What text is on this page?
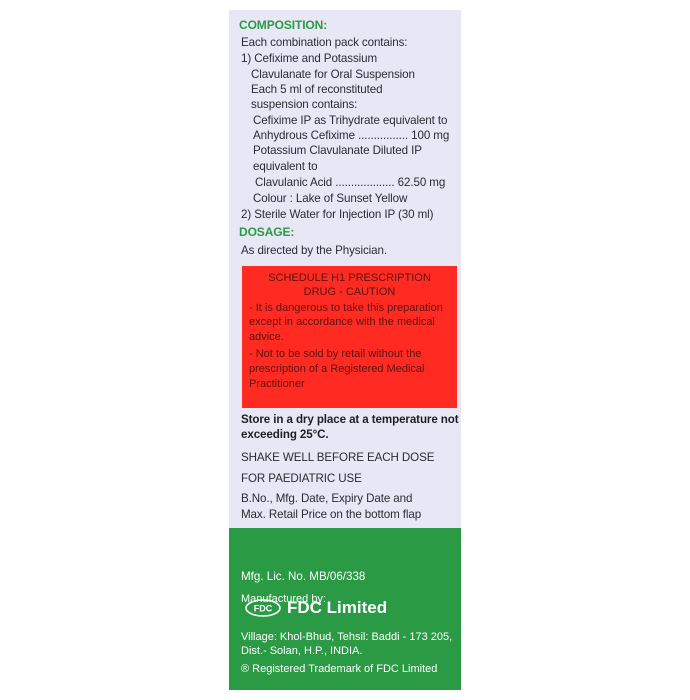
COMPOSITION:
Each combination pack contains:
1) Cefixime and Potassium
Clavulanate for Oral Suspension
Each 5 ml of reconstituted
suspension contains:
Cefixime IP as Trihydrate equivalent to
Anhydrous Cefixime ................ 100 mg
Potassium Clavulanate Diluted IP
equivalent to
Clavulanic Acid ................... 62.50 mg
Colour : Lake of Sunset Yellow
2) Sterile Water for Injection IP (30 ml)
DOSAGE:
As directed by the Physician.
SCHEDULE H1 PRESCRIPTION
DRUG - CAUTION
- It is dangerous to take this preparation
except in accordance with the medical
advice.
- Not to be sold by retail without the
prescription of a Registered Medical
Practitioner
Store in a dry place at a temperature not
exceeding 25°C.
SHAKE WELL BEFORE EACH DOSE
FOR PAEDIATRIC USE
B.No., Mfg. Date, Expiry Date and
Max. Retail Price on the bottom flap
Mfg. Lic. No. MB/06/338
Manufactured by:
FDC FDC Limited
Village: Khol-Bhud, Tehsil: Baddi - 173 205,
Dist.- Solan, H.P., INDIA.
® Registered Trademark of FDC Limited
